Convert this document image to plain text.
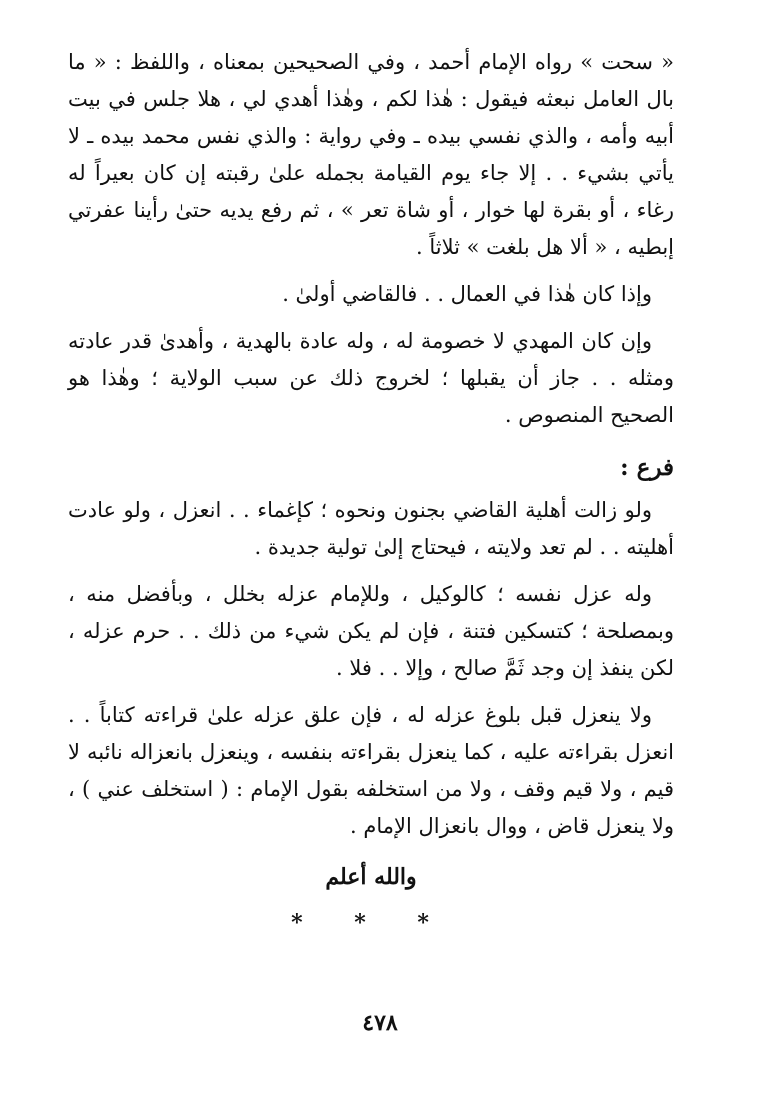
« سحت » رواه الإمام أحمد ، وفي الصحيحين بمعناه ، واللفظ : « ما بال العامل نبعثه فيقول : هٰذا لكم ، وهٰذا أهدي لي ، هلا جلس في بيت أبيه وأمه ، والذي نفسي بيده ـ وفي رواية : والذي نفس محمد بيده ـ لا يأتي بشيء . . إلا جاء يوم القيامة بجمله علىٰ رقبته إن كان بعيراً له رغاء ، أو بقرة لها خوار ، أو شاة تعر » ، ثم رفع يديه حتىٰ رأينا عفرتي إبطيه ، « ألا هل بلغت » ثلاثاً .

وإذا كان هٰذا في العمال . . فالقاضي أولىٰ .

وإن كان المهدي لا خصومة له ، وله عادة بالهدية ، وأهدىٰ قدر عادته ومثله . . جاز أن يقبلها ؛ لخروج ذلك عن سبب الولاية ؛ وهٰذا هو الصحيح المنصوص .

فرع :

ولو زالت أهلية القاضي بجنون ونحوه ؛ كإغماء . . انعزل ، ولو عادت أهليته . . لم تعد ولايته ، فيحتاج إلىٰ تولية جديدة .

وله عزل نفسه ؛ كالوكيل ، وللإمام عزله بخلل ، وبأفضل منه ، وبمصلحة ؛ كتسكين فتنة ، فإن لم يكن شيء من ذلك . . حرم عزله ، لكن ينفذ إن وجد ثَمَّ صالح ، وإلا . . فلا .

ولا ينعزل قبل بلوغ عزله له ، فإن علق عزله علىٰ قراءته كتاباً . . انعزل بقراءته عليه ، كما ينعزل بقراءته بنفسه ، وينعزل بانعزاله نائبه لا قيم ، ولا قيم وقف ، ولا من استخلفه بقول الإمام : ( استخلف عني ) ، ولا ينعزل قاض ، ووال بانعزال الإمام .

والله أعلم
* * *
٤٧٨
